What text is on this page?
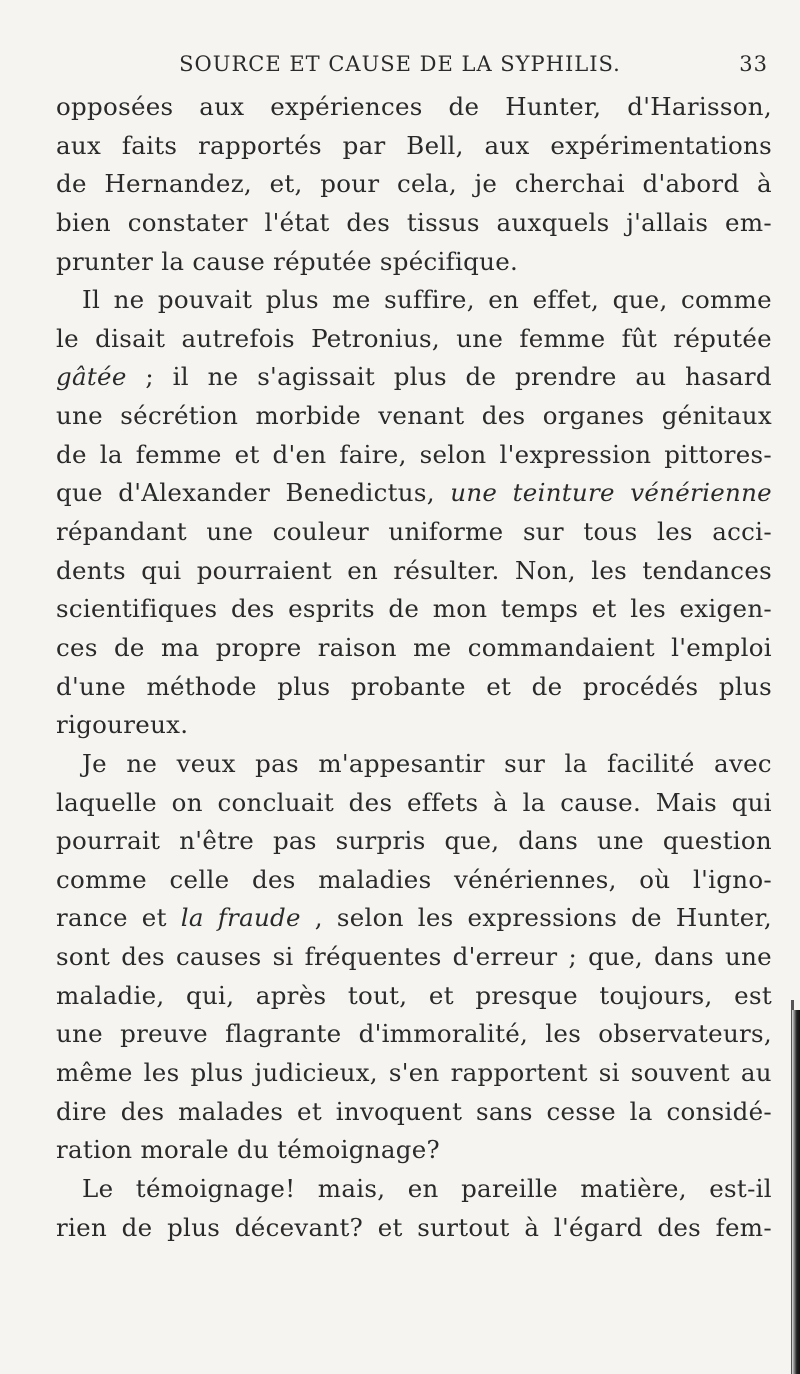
SOURCE ET CAUSE DE LA SYPHILIS.	33
opposées aux expériences de Hunter, d'Harisson,
aux faits rapportés par Bell, aux expérimentations
de Hernandez, et, pour cela, je cherchai d'abord à
bien constater l'état des tissus auxquels j'allais em-
prunter la cause réputée spécifique.
Il ne pouvait plus me suffire, en effet, que, comme
le disait autrefois Petronius, une femme fût réputée
gâtée ; il ne s'agissait plus de prendre au hasard
une sécrétion morbide venant des organes génitaux
de la femme et d'en faire, selon l'expression pittores-
que d'Alexander Benedictus, une teinture vénérienne
répandant une couleur uniforme sur tous les acci-
dents qui pourraient en résulter. Non, les tendances
scientifiques des esprits de mon temps et les exigen-
ces de ma propre raison me commandaient l'emploi
d'une méthode plus probante et de procédés plus
rigoureux.
Je ne veux pas m'appesantir sur la facilité avec
laquelle on concluait des effets à la cause. Mais qui
pourrait n'être pas surpris que, dans une question
comme celle des maladies vénériennes, où l'igno-
rance et la fraude , selon les expressions de Hunter,
sont des causes si fréquentes d'erreur ; que, dans une
maladie, qui, après tout, et presque toujours, est
une preuve flagrante d'immoralité, les observateurs,
même les plus judicieux, s'en rapportent si souvent au
dire des malades et invoquent sans cesse la considé-
ration morale du témoignage?
Le témoignage! mais, en pareille matière, est-il
rien de plus décevant? et surtout à l'égard des fem-
